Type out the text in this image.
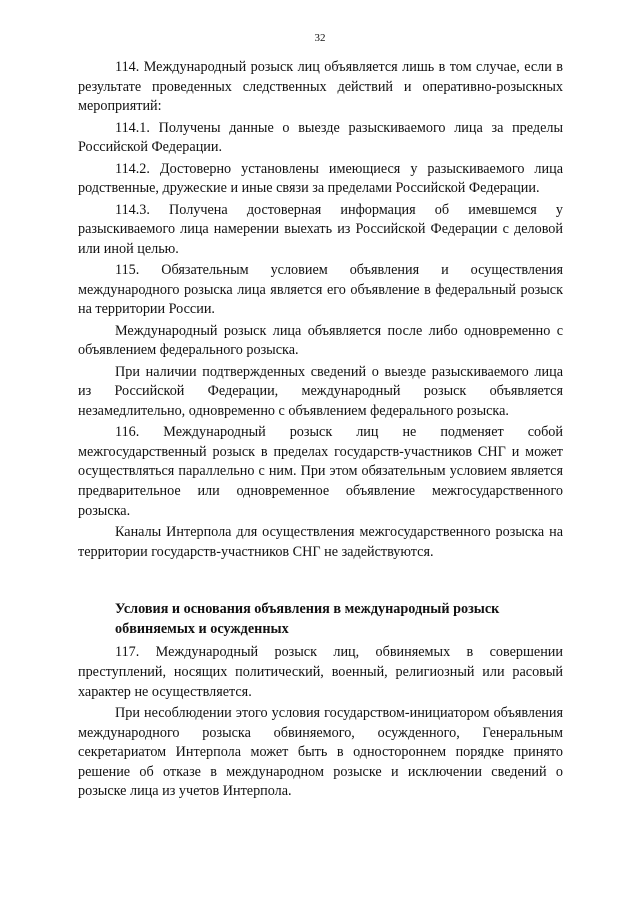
32

114. Международный розыск лиц объявляется лишь в том случае, если в результате проведенных следственных действий и оперативно-розыскных мероприятий:

114.1. Получены данные о выезде разыскиваемого лица за пределы Российской Федерации.

114.2. Достоверно установлены имеющиеся у разыскиваемого лица родственные, дружеские и иные связи за пределами Российской Федерации.

114.3. Получена достоверная информация об имевшемся у разыскиваемого лица намерении выехать из Российской Федерации с деловой или иной целью.

115. Обязательным условием объявления и осуществления международного розыска лица является его объявление в федеральный розыск на территории России.

Международный розыск лица объявляется после либо одновременно с объявлением федерального розыска.

При наличии подтвержденных сведений о выезде разыскиваемого лица из Российской Федерации, международный розыск объявляется незамедлительно, одновременно с объявлением федерального розыска.

116. Международный розыск лиц не подменяет собой межгосударственный розыск в пределах государств-участников СНГ и может осуществляться параллельно с ним. При этом обязательным условием является предварительное или одновременное объявление межгосударственного розыска.

Каналы Интерпола для осуществления межгосударственного розыска на территории государств-участников СНГ не задействуются.

Условия и основания объявления в международный розыск обвиняемых и осужденных

117. Международный розыск лиц, обвиняемых в совершении преступлений, носящих политический, военный, религиозный или расовый характер не осуществляется.

При несоблюдении этого условия государством-инициатором объявления международного розыска обвиняемого, осужденного, Генеральным секретариатом Интерпола может быть в одностороннем порядке принято решение об отказе в международном розыске и исключении сведений о розыске лица из учетов Интерпола.
